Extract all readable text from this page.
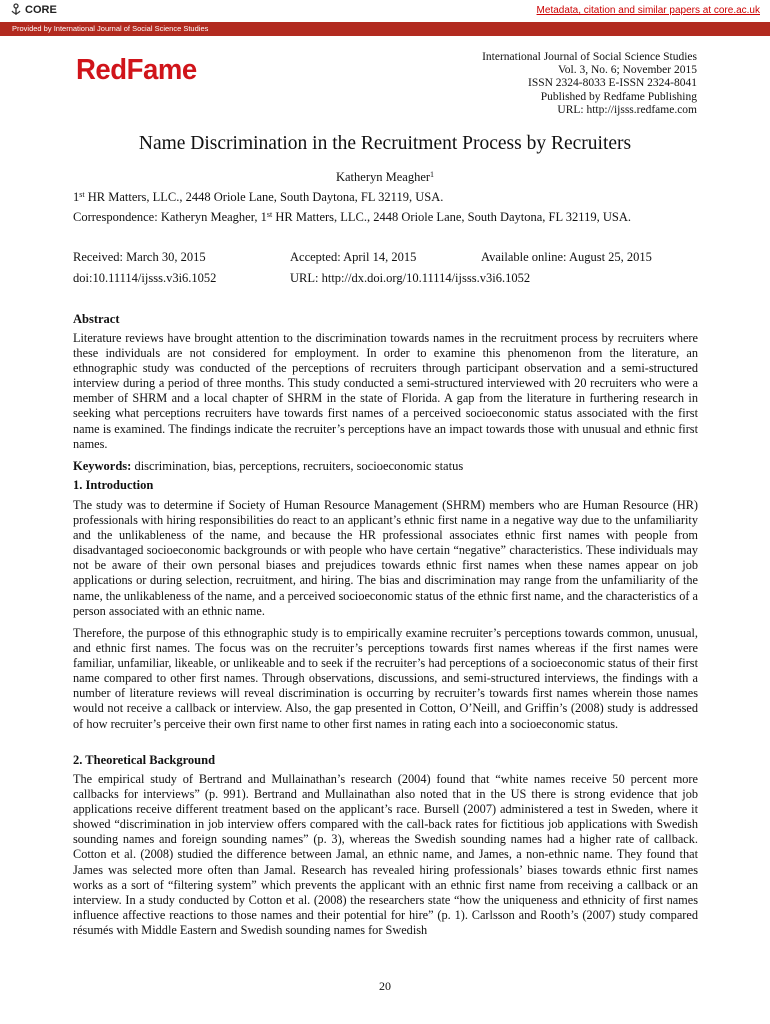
CORE	Metadata, citation and similar papers at core.ac.uk
Provided by International Journal of Social Science Studies
RedFame	International Journal of Social Science Studies
Vol. 3, No. 6; November 2015
ISSN 2324-8033 E-ISSN 2324-8041
Published by Redfame Publishing
URL: http://ijsss.redfame.com
Name Discrimination in the Recruitment Process by Recruiters
Katheryn Meagher$^1$
1st HR Matters, LLC., 2448 Oriole Lane, South Daytona, FL 32119, USA.
Correspondence: Katheryn Meagher, 1st HR Matters, LLC., 2448 Oriole Lane, South Daytona, FL 32119, USA.
Received: March 30, 2015	Accepted: April 14, 2015	Available online: August 25, 2015
doi:10.11114/ijsss.v3i6.1052	URL: http://dx.doi.org/10.11114/ijsss.v3i6.1052
Abstract

Literature reviews have brought attention to the discrimination towards names in the recruitment process by recruiters where these individuals are not considered for employment. In order to examine this phenomenon from the literature, an ethnographic study was conducted of the perceptions of recruiters through participant observation and a semi-structured interview during a period of three months. This study conducted a semi-structured interviewed with 20 recruiters who were a member of SHRM and a local chapter of SHRM in the state of Florida. A gap from the literature in furthering research in seeking what perceptions recruiters have towards first names of a perceived socioeconomic status associated with the first name is examined. The findings indicate the recruiter’s perceptions have an impact towards those with unusual and ethnic first names.

Keywords: discrimination, bias, perceptions, recruiters, socioeconomic status
1. Introduction

The study was to determine if Society of Human Resource Management (SHRM) members who are Human Resource (HR) professionals with hiring responsibilities do react to an applicant’s ethnic first name in a negative way due to the unfamiliarity and the unlikableness of the name, and because the HR professional associates ethnic first names with people from disadvantaged socioeconomic backgrounds or with people who have certain “negative” characteristics. These individuals may not be aware of their own personal biases and prejudices towards ethnic first names when these names appear on job applications or during selection, recruitment, and hiring. The bias and discrimination may range from the unfamiliarity of the name, the unlikableness of the name, and a perceived socioeconomic status of the ethnic first name, and the characteristics of a person associated with an ethnic name.

Therefore, the purpose of this ethnographic study is to empirically examine recruiter’s perceptions towards common, unusual, and ethnic first names. The focus was on the recruiter’s perceptions towards first names whereas if the first names were familiar, unfamiliar, likeable, or unlikeable and to seek if the recruiter’s had perceptions of a socioeconomic status of their first name compared to other first names. Through observations, discussions, and semi-structured interviews, the findings with a number of literature reviews will reveal discrimination is occurring by recruiter’s towards first names wherein those names would not receive a callback or interview. Also, the gap presented in Cotton, O’Neill, and Griffin’s (2008) study is addressed of how recruiter’s perceive their own first name to other first names in rating each into a socioeconomic status.

2. Theoretical Background

The empirical study of Bertrand and Mullainathan’s research (2004) found that “white names receive 50 percent more callbacks for interviews” (p. 991). Bertrand and Mullainathan also noted that in the US there is strong evidence that job applications receive different treatment based on the applicant’s race. Bursell (2007) administered a test in Sweden, where it showed “discrimination in job interview offers compared with the call-back rates for fictitious job applications with Swedish sounding names and foreign sounding names” (p. 3), whereas the Swedish sounding names had a higher rate of callback. Cotton et al. (2008) studied the difference between Jamal, an ethnic name, and James, a non-ethnic name. They found that James was selected more often than Jamal. Research has revealed hiring professionals’ biases towards ethnic first names works as a sort of “filtering system” which prevents the applicant with an ethnic first name from receiving a callback or an interview. In a study conducted by Cotton et al. (2008) the researchers state “how the uniqueness and ethnicity of first names influence affective reactions to those names and their potential for hire” (p. 1). Carlsson and Rooth’s (2007) study compared résumés with Middle Eastern and Swedish sounding names for Swedish

20
